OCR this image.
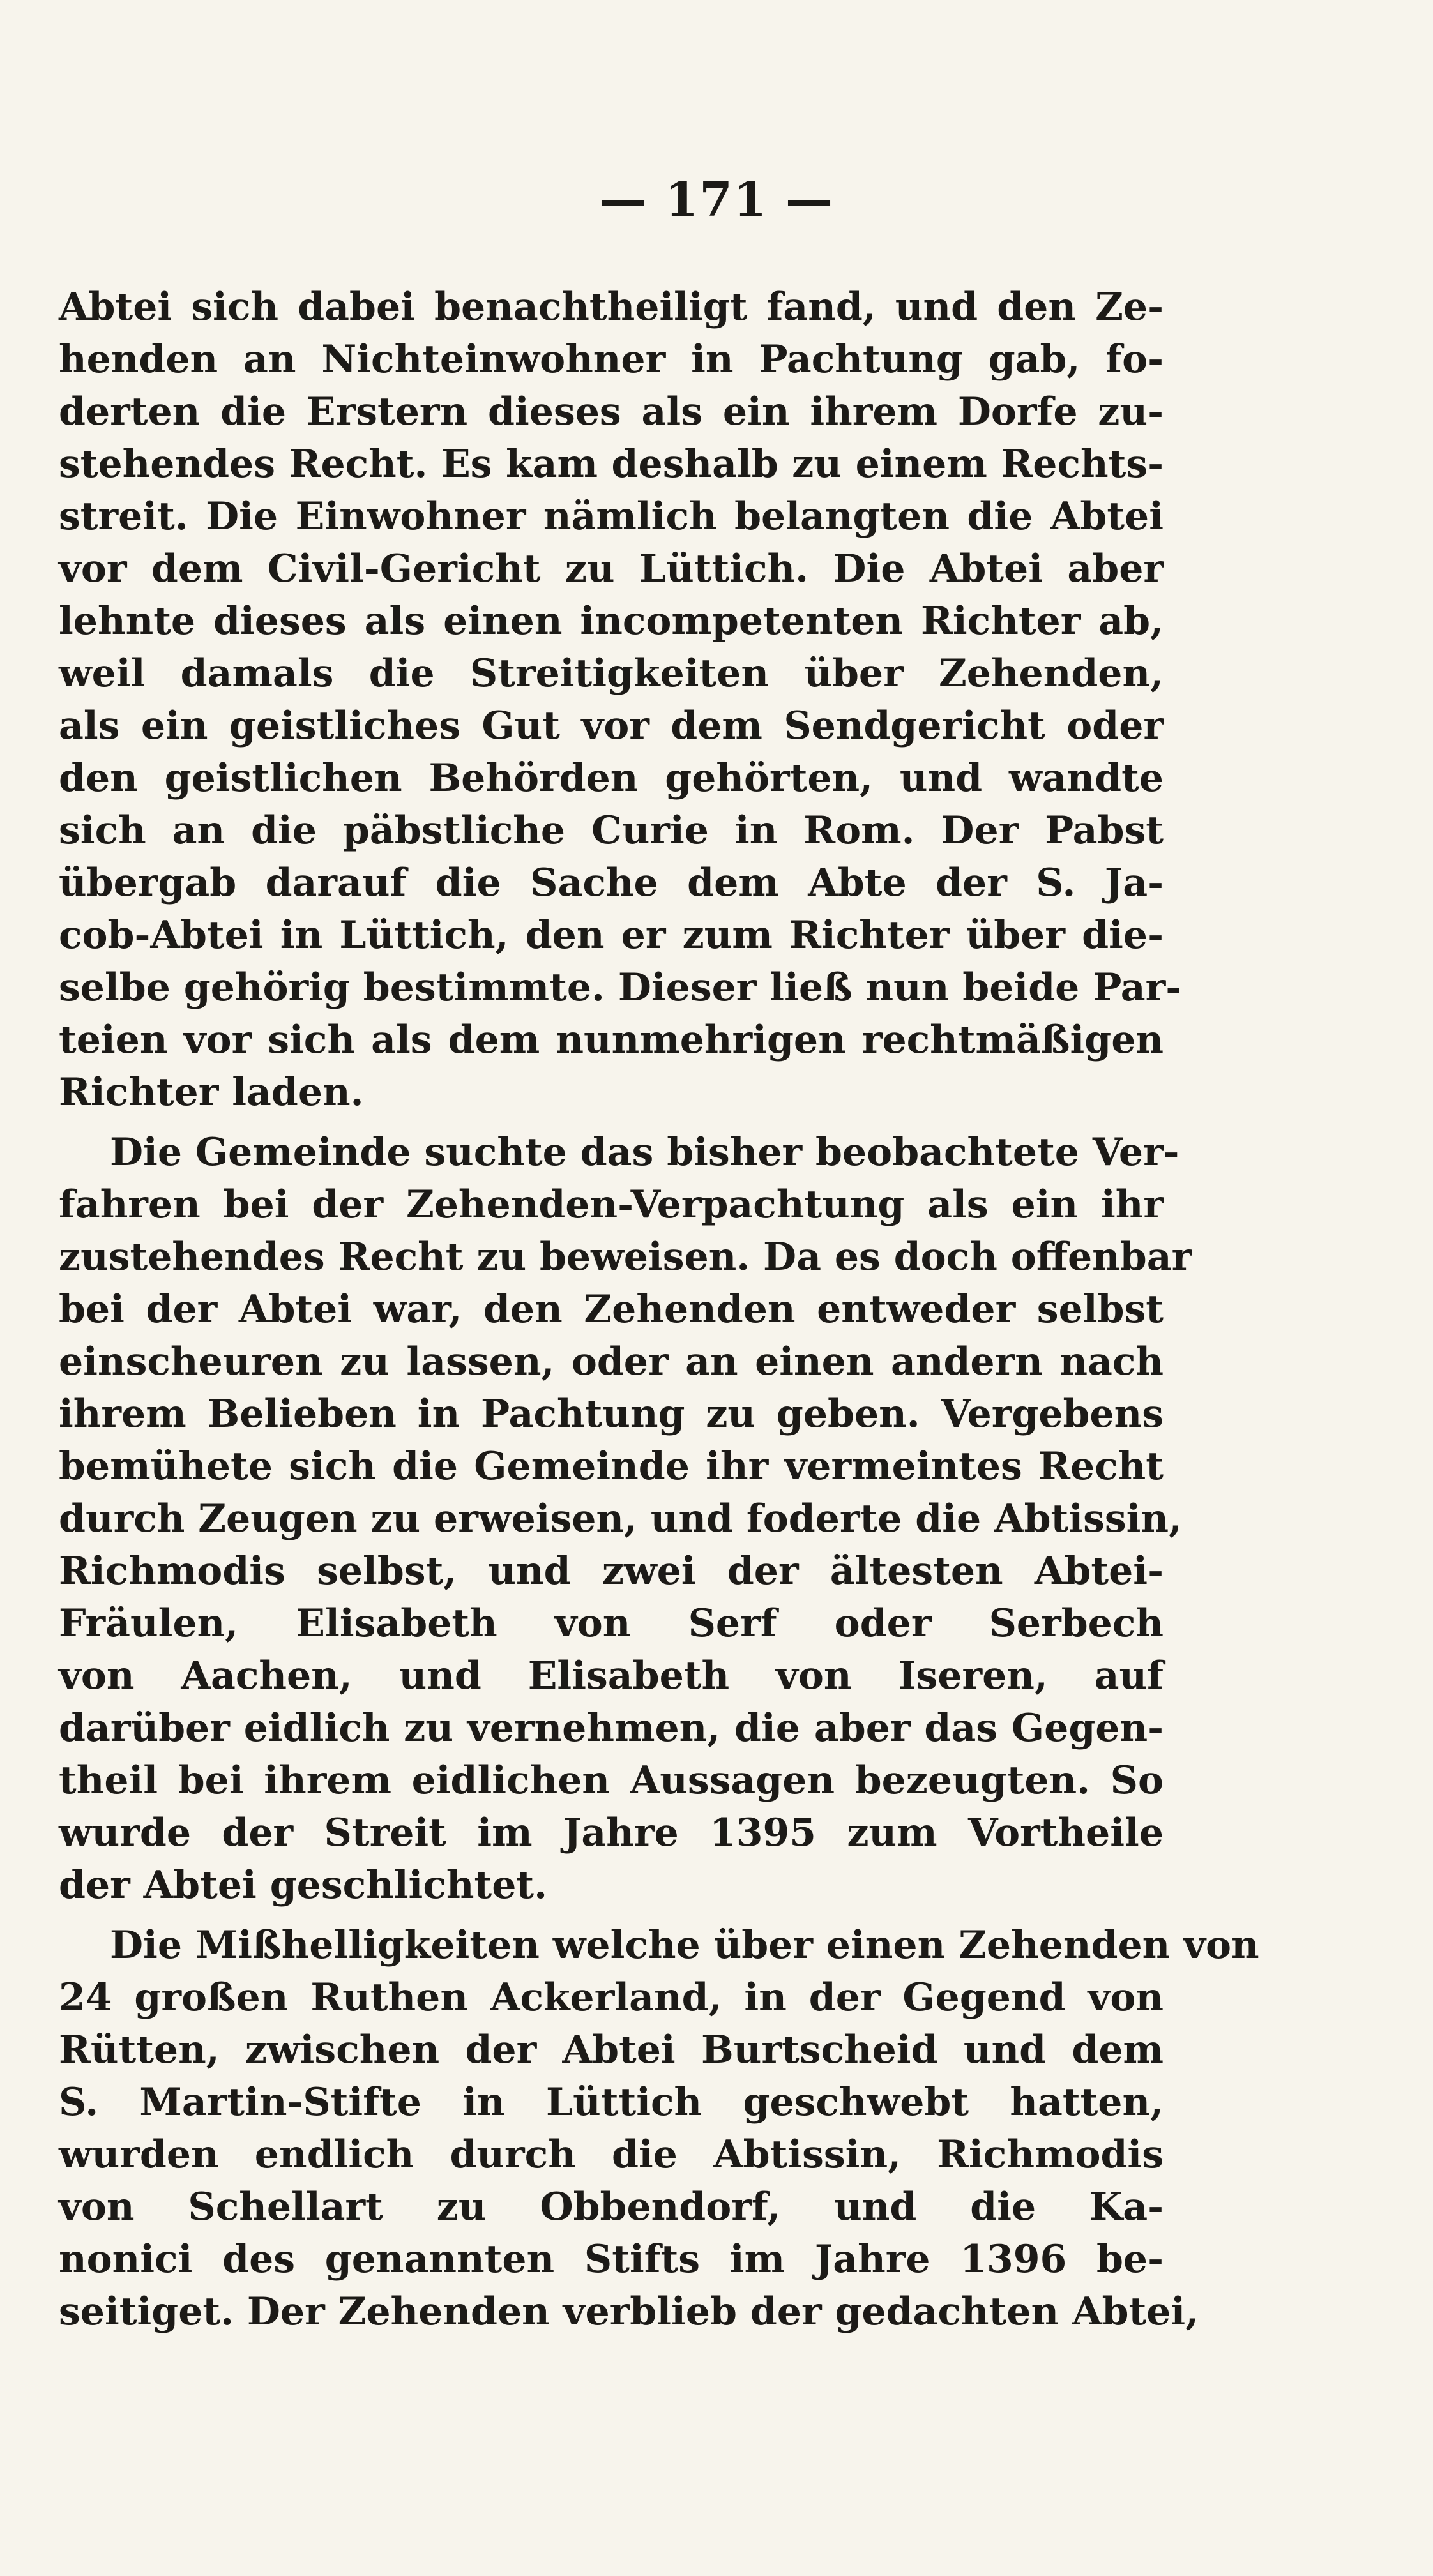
— 171 —
Abtei sich dabei benachtheiligt fand, und den Ze-
henden an Nichteinwohner in Pachtung gab, fo-
derten die Erstern dieses als ein ihrem Dorfe zu-
stehendes Recht. Es kam deshalb zu einem Rechts-
streit. Die Einwohner nämlich belangten die Abtei
vor dem Civil-Gericht zu Lüttich. Die Abtei aber
lehnte dieses als einen incompetenten Richter ab,
weil damals die Streitigkeiten über Zehenden,
als ein geistliches Gut vor dem Sendgericht oder
den geistlichen Behörden gehörten, und wandte
sich an die päbstliche Curie in Rom. Der Pabst
übergab darauf die Sache dem Abte der S. Ja-
cob-Abtei in Lüttich, den er zum Richter über die-
selbe gehörig bestimmte. Dieser ließ nun beide Par-
teien vor sich als dem nunmehrigen rechtmäßigen
Richter laden.
Die Gemeinde suchte das bisher beobachtete Ver-
fahren bei der Zehenden-Verpachtung als ein ihr
zustehendes Recht zu beweisen. Da es doch offenbar
bei der Abtei war, den Zehenden entweder selbst
einscheuren zu lassen, oder an einen andern nach
ihrem Belieben in Pachtung zu geben. Vergebens
bemühete sich die Gemeinde ihr vermeintes Recht
durch Zeugen zu erweisen, und foderte die Abtissin,
Richmodis selbst, und zwei der ältesten Abtei-
Fräulen, Elisabeth von Serf oder Serbech
von Aachen, und Elisabeth von Iseren, auf
darüber eidlich zu vernehmen, die aber das Gegen-
theil bei ihrem eidlichen Aussagen bezeugten. So
wurde der Streit im Jahre 1395 zum Vortheile
der Abtei geschlichtet.
Die Mißhelligkeiten welche über einen Zehenden von
24 großen Ruthen Ackerland, in der Gegend von
Rütten, zwischen der Abtei Burtscheid und dem
S. Martin-Stifte in Lüttich geschwebt hatten,
wurden endlich durch die Abtissin, Richmodis
von Schellart zu Obbendorf, und die Ka-
nonici des genannten Stifts im Jahre 1396 be-
seitiget. Der Zehenden verblieb der gedachten Abtei,
